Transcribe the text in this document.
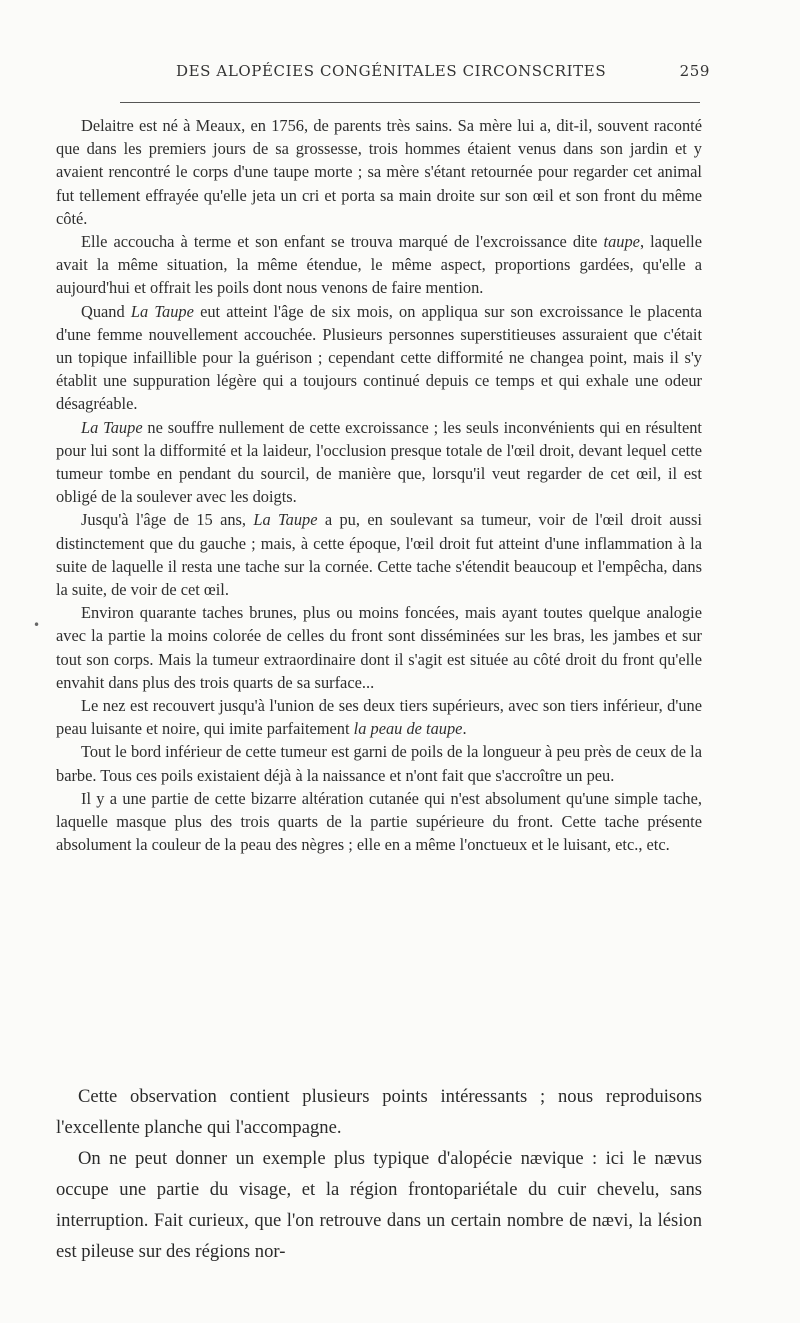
DES ALOPÉCIES CONGÉNITALES CIRCONSCRITES	259
•

Delaitre est né à Meaux, en 1756, de parents très sains. Sa mère lui a, dit-il, souvent raconté que dans les premiers jours de sa grossesse, trois hommes étaient venus dans son jardin et y avaient rencontré le corps d'une taupe morte ; sa mère s'étant retournée pour regarder cet animal fut tellement effrayée qu'elle jeta un cri et porta sa main droite sur son œil et son front du même côté.

Elle accoucha à terme et son enfant se trouva marqué de l'excroissance dite taupe, laquelle avait la même situation, la même étendue, le même aspect, proportions gardées, qu'elle a aujourd'hui et offrait les poils dont nous venons de faire mention.

Quand La Taupe eut atteint l'âge de six mois, on appliqua sur son excroissance le placenta d'une femme nouvellement accouchée. Plusieurs personnes superstitieuses assuraient que c'était un topique infaillible pour la guérison ; cependant cette difformité ne changea point, mais il s'y établit une suppuration légère qui a toujours continué depuis ce temps et qui exhale une odeur désagréable.

La Taupe ne souffre nullement de cette excroissance ; les seuls inconvénients qui en résultent pour lui sont la difformité et la laideur, l'occlusion presque totale de l'œil droit, devant lequel cette tumeur tombe en pendant du sourcil, de manière que, lorsqu'il veut regarder de cet œil, il est obligé de la soulever avec les doigts.

Jusqu'à l'âge de 15 ans, La Taupe a pu, en soulevant sa tumeur, voir de l'œil droit aussi distinctement que du gauche ; mais, à cette époque, l'œil droit fut atteint d'une inflammation à la suite de laquelle il resta une tache sur la cornée. Cette tache s'étendit beaucoup et l'empêcha, dans la suite, de voir de cet œil.

Environ quarante taches brunes, plus ou moins foncées, mais ayant toutes quelque analogie avec la partie la moins colorée de celles du front sont disséminées sur les bras, les jambes et sur tout son corps. Mais la tumeur extraordinaire dont il s'agit est située au côté droit du front qu'elle envahit dans plus des trois quarts de sa surface...

Le nez est recouvert jusqu'à l'union de ses deux tiers supérieurs, avec son tiers inférieur, d'une peau luisante et noire, qui imite parfaitement la peau de taupe.

Tout le bord inférieur de cette tumeur est garni de poils de la longueur à peu près de ceux de la barbe. Tous ces poils existaient déjà à la naissance et n'ont fait que s'accroître un peu.

Il y a une partie de cette bizarre altération cutanée qui n'est absolument qu'une simple tache, laquelle masque plus des trois quarts de la partie supérieure du front. Cette tache présente absolument la couleur de la peau des nègres ; elle en a même l'onctueux et le luisant, etc., etc.

Cette observation contient plusieurs points intéressants ; nous reproduisons l'excellente planche qui l'accompagne.

On ne peut donner un exemple plus typique d'alopécie nævique : ici le nævus occupe une partie du visage, et la région frontopariétale du cuir chevelu, sans interruption. Fait curieux, que l'on retrouve dans un certain nombre de nævi, la lésion est pileuse sur des régions nor-
